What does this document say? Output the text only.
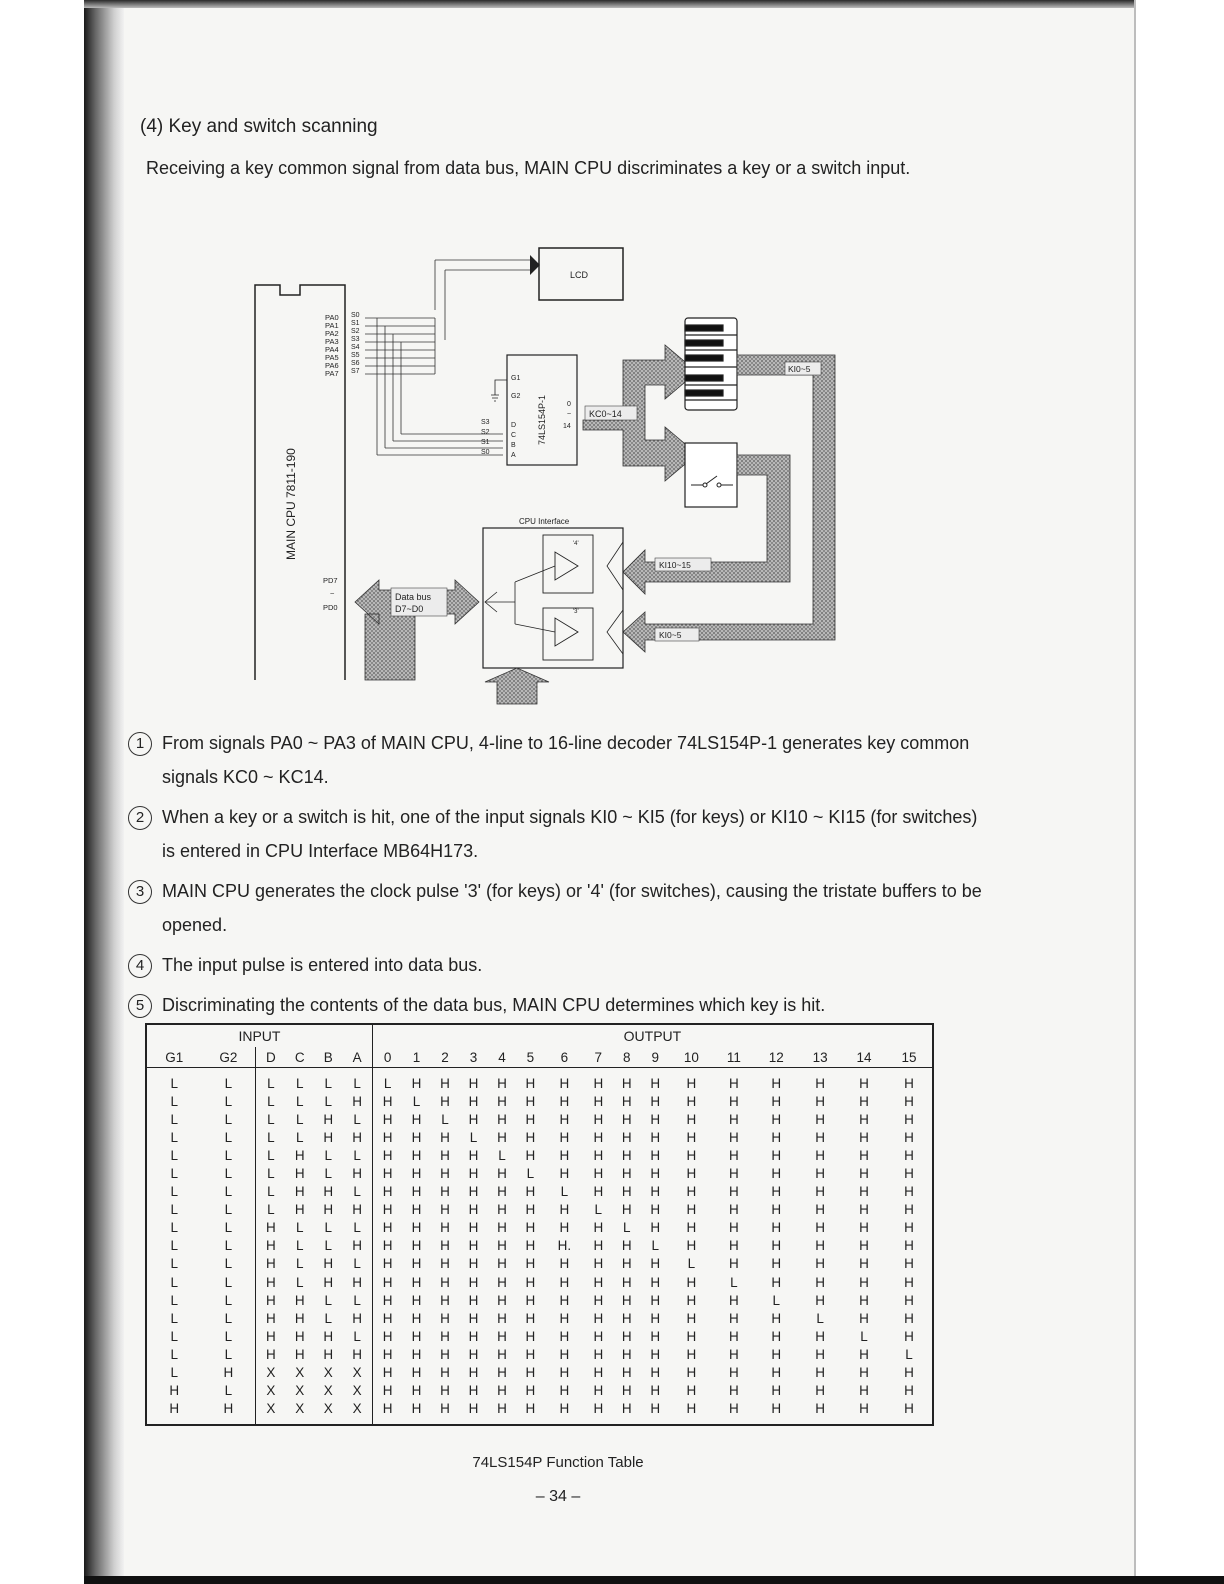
(4) Key and switch scanning
Receiving a key common signal from data bus, MAIN CPU discriminates a key or a switch input.
MAIN CPU 7811-190
PA0
PA1
PA2
PA3
PA4
PA5
PA6
PA7
S0
S1
S2
S3
S4
S5
S6
S7
LCD
74LS154P-1
G1
G2
D
C
B
A
S3
S2
S1
S0
0
~
14
KC0~14
KI0~5
KI0~5
KI10~15
CPU Interface
'4'
'3'
Data bus
D7~D0
PD7
~
PD0
1 From signals PA0 ~ PA3 of MAIN CPU, 4-line to 16-line decoder 74LS154P-1 generates key common signals KC0 ~ KC14.
2 When a key or a switch is hit, one of the input signals KI0 ~ KI5 (for keys) or KI10 ~ KI15 (for switches) is entered in CPU Interface MB64H173.
3 MAIN CPU generates the clock pulse '3' (for keys) or '4' (for switches), causing the tristate buffers to be opened.
4 The input pulse is entered into data bus.
5 Discriminating the contents of the data bus, MAIN CPU determines which key is hit.
INPUT						OUTPUT															
G1	G2	D	C	B	A	0	1	2	3	4	5	6	7	8	9	10	11	12	13	14	15
L	L	L	L	L	L	L	H	H	H	H	H	H	H	H	H	H	H	H	H	H	H
L	L	L	L	L	H	H	L	H	H	H	H	H	H	H	H	H	H	H	H	H	H
L	L	L	L	H	L	H	H	L	H	H	H	H	H	H	H	H	H	H	H	H	H
L	L	L	L	H	H	H	H	H	L	H	H	H	H	H	H	H	H	H	H	H	H
L	L	L	H	L	L	H	H	H	H	L	H	H	H	H	H	H	H	H	H	H	H
L	L	L	H	L	H	H	H	H	H	H	L	H	H	H	H	H	H	H	H	H	H
L	L	L	H	H	L	H	H	H	H	H	H	L	H	H	H	H	H	H	H	H	H
L	L	L	H	H	H	H	H	H	H	H	H	H	L	H	H	H	H	H	H	H	H
L	L	H	L	L	L	H	H	H	H	H	H	H	H	L	H	H	H	H	H	H	H
L	L	H	L	L	H	H	H	H	H	H	H	H.	H	H	L	H	H	H	H	H	H
L	L	H	L	H	L	H	H	H	H	H	H	H	H	H	H	L	H	H	H	H	H
L	L	H	L	H	H	H	H	H	H	H	H	H	H	H	H	H	L	H	H	H	H
L	L	H	H	L	L	H	H	H	H	H	H	H	H	H	H	H	H	L	H	H	H
L	L	H	H	L	H	H	H	H	H	H	H	H	H	H	H	H	H	H	L	H	H
L	L	H	H	H	L	H	H	H	H	H	H	H	H	H	H	H	H	H	H	L	H
L	L	H	H	H	H	H	H	H	H	H	H	H	H	H	H	H	H	H	H	H	L
L	H	X	X	X	X	H	H	H	H	H	H	H	H	H	H	H	H	H	H	H	H
H	L	X	X	X	X	H	H	H	H	H	H	H	H	H	H	H	H	H	H	H	H
H	H	X	X	X	X	H	H	H	H	H	H	H	H	H	H	H	H	H	H	H	H
74LS154P Function Table
– 34 –
